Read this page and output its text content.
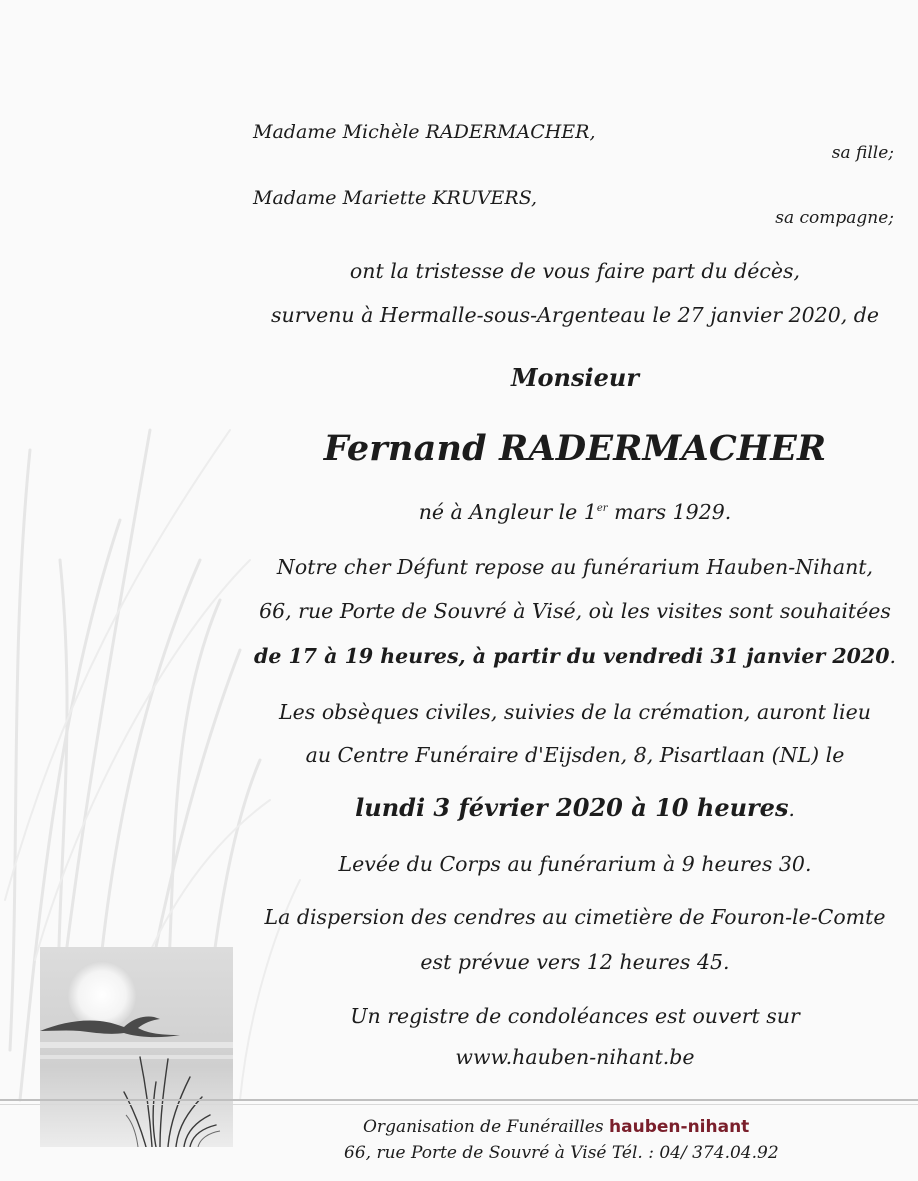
Madame Michèle RADERMACHER,
sa fille;
Madame Mariette KRUVERS,
sa compagne;
ont la tristesse de vous faire part du décès,
survenu à Hermalle-sous-Argenteau le 27 janvier 2020, de
Monsieur
Fernand RADERMACHER
né à Angleur le 1er mars 1929.
Notre cher Défunt repose au funérarium Hauben-Nihant,
66, rue Porte de Souvré à Visé, où les visites sont souhaitées
de 17 à 19 heures, à partir du vendredi 31 janvier 2020.
Les obsèques civiles, suivies de la crémation, auront lieu
au Centre Funéraire d'Eijsden, 8, Pisartlaan (NL) le
lundi 3 février 2020 à 10 heures.
Levée du Corps au funérarium à 9 heures 30.
La dispersion des cendres au cimetière de Fouron-le-Comte
est prévue vers 12 heures 45.
Un registre de condoléances est ouvert sur
www.hauben-nihant.be
Organisation de Funérailles hauben-nihant
66, rue Porte de Souvré à Visé Tél. : 04/ 374.04.92
